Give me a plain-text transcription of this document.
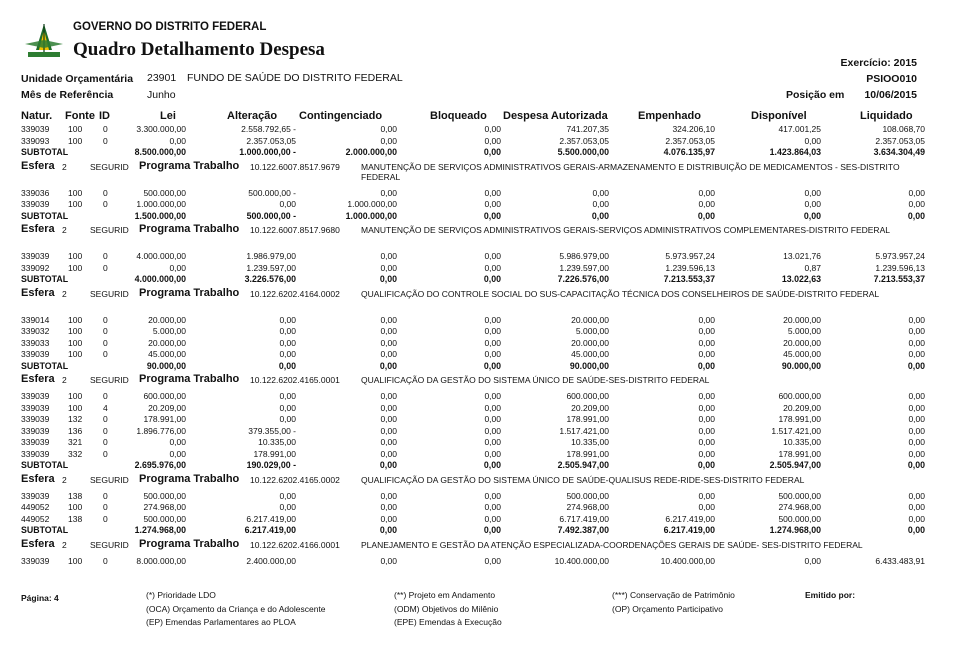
GOVERNO DO DISTRITO FEDERAL
Quadro Detalhamento Despesa
Exercício: 2015
PSIOO010
Unidade Orçamentária 23901 FUNDO DE SAÚDE DO DISTRITO FEDERAL
Mês de Referência	Junho	Posição em 10/06/2015
Natur. Fonte ID	Lei	Alteração Contingenciado	Bloqueado Despesa Autorizada	Empenhado	Disponível	Liquidado
339039 100 0	3.300.000,00	2.558.792,65 -	0,00	0,00	741.207,35	324.206,10	417.001,25	108.068,70
339093 100 0	0,00	2.357.053,05	0,00	0,00	2.357.053,05	2.357.053,05	0,00	2.357.053,05
SUBTOTAL	8.500.000,00	1.000.000,00 -	2.000.000,00	0,00	5.500.000,00	4.076.135,97	1.423.864,03	3.634.304,49
Esfera 2	SEGURID Programa Trabalho 10.122.6007.8517.9679 MANUTENÇÃO DE SERVIÇOS ADMINISTRATIVOS GERAIS-ARMAZENAMENTO E DISTRIBUIÇÃO DE MEDICAMENTOS - SES-DISTRITO FEDERAL
339036 100 0	500.000,00	500.000,00 -	0,00	0,00	0,00	0,00	0,00	0,00
339039 100 0	1.000.000,00	0,00	1.000.000,00	0,00	0,00	0,00	0,00	0,00
SUBTOTAL	1.500.000,00	500.000,00 -	1.000.000,00	0,00	0,00	0,00	0,00	0,00
Esfera 2	SEGURID Programa Trabalho 10.122.6007.8517.9680 MANUTENÇÃO DE SERVIÇOS ADMINISTRATIVOS GERAIS-SERVIÇOS ADMINISTRATIVOS COMPLEMENTARES-DISTRITO FEDERAL
339039 100 0	4.000.000,00	1.986.979,00	0,00	0,00	5.986.979,00	5.973.957,24	13.021,76	5.973.957,24
339092 100 0	0,00	1.239.597,00	0,00	0,00	1.239.597,00	1.239.596,13	0,87	1.239.596,13
SUBTOTAL	4.000.000,00	3.226.576,00	0,00	0,00	7.226.576,00	7.213.553,37	13.022,63	7.213.553,37
Esfera 2	SEGURID Programa Trabalho 10.122.6202.4164.0002 QUALIFICAÇÃO DO CONTROLE SOCIAL DO SUS-CAPACITAÇÃO TÉCNICA DOS CONSELHEIROS DE SAÚDE-DISTRITO FEDERAL
339014 100 0	20.000,00	0,00	0,00	0,00	20.000,00	0,00	20.000,00	0,00
339032 100 0	5.000,00	0,00	0,00	0,00	5.000,00	0,00	5.000,00	0,00
339033 100 0	20.000,00	0,00	0,00	0,00	20.000,00	0,00	20.000,00	0,00
339039 100 0	45.000,00	0,00	0,00	0,00	45.000,00	0,00	45.000,00	0,00
SUBTOTAL	90.000,00	0,00	0,00	0,00	90.000,00	0,00	90.000,00	0,00
Esfera 2	SEGURID Programa Trabalho 10.122.6202.4165.0001 QUALIFICAÇÃO DA GESTÃO DO SISTEMA ÚNICO DE SAÚDE-SES-DISTRITO FEDERAL
339039 100 0	600.000,00	0,00	0,00	0,00	600.000,00	0,00	600.000,00	0,00
339039 100 4	20.209,00	0,00	0,00	0,00	20.209,00	0,00	20.209,00	0,00
339039 132 0	178.991,00	0,00	0,00	0,00	178.991,00	0,00	178.991,00	0,00
339039 136 0	1.896.776,00	379.355,00 -	0,00	0,00	1.517.421,00	0,00	1.517.421,00	0,00
339039 321 0	0,00	10.335,00	0,00	0,00	10.335,00	0,00	10.335,00	0,00
339039 332 0	0,00	178.991,00	0,00	0,00	178.991,00	0,00	178.991,00	0,00
SUBTOTAL	2.695.976,00	190.029,00 -	0,00	0,00	2.505.947,00	0,00	2.505.947,00	0,00
Esfera 2	SEGURID Programa Trabalho 10.122.6202.4165.0002 QUALIFICAÇÃO DA GESTÃO DO SISTEMA ÚNICO DE SAÚDE-QUALISUS REDE-RIDE-SES-DISTRITO FEDERAL
339039 138 0	500.000,00	0,00	0,00	0,00	500.000,00	0,00	500.000,00	0,00
449052 100 0	274.968,00	0,00	0,00	0,00	274.968,00	0,00	274.968,00	0,00
449052 138 0	500.000,00	6.217.419,00	0,00	0,00	6.717.419,00	6.217.419,00	500.000,00	0,00
SUBTOTAL	1.274.968,00	6.217.419,00	0,00	0,00	7.492.387,00	6.217.419,00	1.274.968,00	0,00
Esfera 2	SEGURID Programa Trabalho 10.122.6202.4166.0001 PLANEJAMENTO E GESTÃO DA ATENÇÃO ESPECIALIZADA-COORDENAÇÕES GERAIS DE SAÚDE- SES-DISTRITO FEDERAL
339039 100 0	8.000.000,00	2.400.000,00	0,00	0,00	10.400.000,00	10.400.000,00	0,00	6.433.483,91
Página: 4	(*) Prioridade LDO	(**) Projeto em Andamento	(***) Conservação de Patrimônio	Emitido por:
(OCA) Orçamento da Criança e do Adolescente	(ODM) Objetivos do Milênio	(OP) Orçamento Participativo
(EP) Emendas Parlamentares ao PLOA	(EPE) Emendas à Execução
